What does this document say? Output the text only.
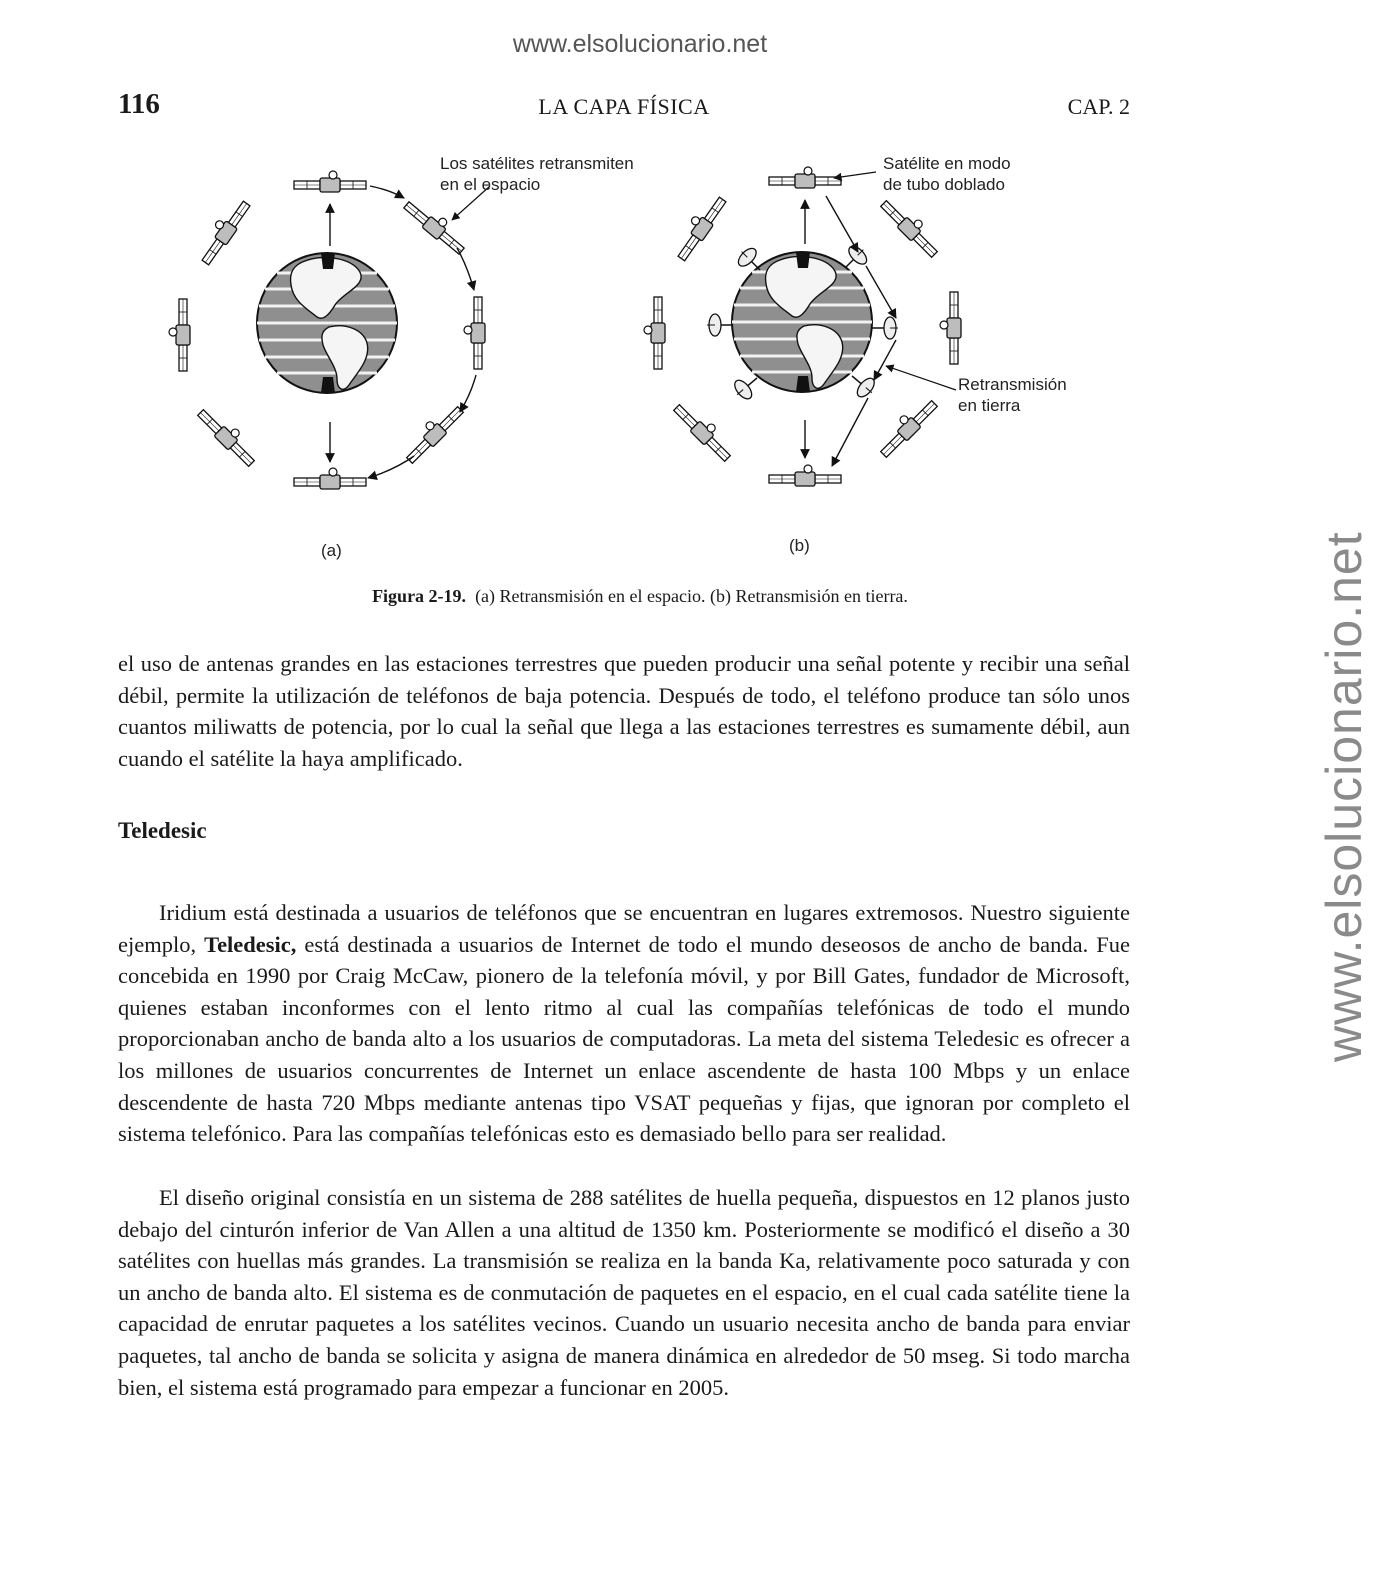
www.elsolucionario.net
www.elsolucionario.net
116	LA CAPA FÍSICA	CAP. 2
Los satélites retransmiten
en el espacio
(a)
Satélite en modo
de tubo doblado
Retransmisión
en tierra
(b)
Figura 2-19. (a) Retransmisión en el espacio. (b) Retransmisión en tierra.

el uso de antenas grandes en las estaciones terrestres que pueden producir una señal potente y recibir una señal débil, permite la utilización de teléfonos de baja potencia. Después de todo, el teléfono produce tan sólo unos cuantos miliwatts de potencia, por lo cual la señal que llega a las estaciones terrestres es sumamente débil, aun cuando el satélite la haya amplificado.

Teledesic

Iridium está destinada a usuarios de teléfonos que se encuentran en lugares extremosos. Nuestro siguiente ejemplo, Teledesic, está destinada a usuarios de Internet de todo el mundo deseosos de ancho de banda. Fue concebida en 1990 por Craig McCaw, pionero de la telefonía móvil, y por Bill Gates, fundador de Microsoft, quienes estaban inconformes con el lento ritmo al cual las compañías telefónicas de todo el mundo proporcionaban ancho de banda alto a los usuarios de computadoras. La meta del sistema Teledesic es ofrecer a los millones de usuarios concurrentes de Internet un enlace ascendente de hasta 100 Mbps y un enlace descendente de hasta 720 Mbps mediante antenas tipo VSAT pequeñas y fijas, que ignoran por completo el sistema telefónico. Para las compañías telefónicas esto es demasiado bello para ser realidad.

El diseño original consistía en un sistema de 288 satélites de huella pequeña, dispuestos en 12 planos justo debajo del cinturón inferior de Van Allen a una altitud de 1350 km. Posteriormente se modificó el diseño a 30 satélites con huellas más grandes. La transmisión se realiza en la banda Ka, relativamente poco saturada y con un ancho de banda alto. El sistema es de conmutación de paquetes en el espacio, en el cual cada satélite tiene la capacidad de enrutar paquetes a los satélites vecinos. Cuando un usuario necesita ancho de banda para enviar paquetes, tal ancho de banda se solicita y asigna de manera dinámica en alrededor de 50 mseg. Si todo marcha bien, el sistema está programado para empezar a funcionar en 2005.
